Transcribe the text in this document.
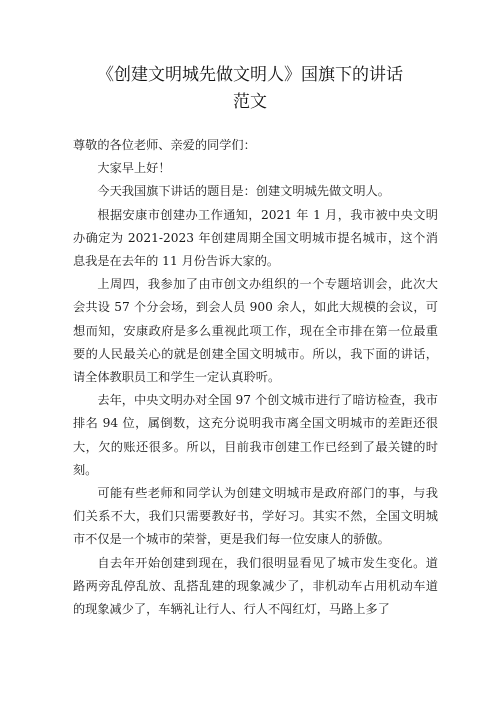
《创建文明城先做文明人》国旗下的讲话
范文

尊敬的各位老师、亲爱的同学们：

大家早上好！

今天我国旗下讲话的题目是：创建文明城先做文明人。

根据安康市创建办工作通知，2021 年 1 月，我市被中央文明办确定为 2021-2023 年创建周期全国文明城市提名城市，这个消息我是在去年的 11 月份告诉大家的。

上周四，我参加了由市创文办组织的一个专题培训会，此次大会共设 57 个分会场，到会人员 900 余人，如此大规模的会议，可想而知，安康政府是多么重视此项工作，现在全市排在第一位最重要的人民最关心的就是创建全国文明城市。所以，我下面的讲话，请全体教职员工和学生一定认真聆听。

去年，中央文明办对全国 97 个创文城市进行了暗访检查，我市排名 94 位，属倒数，这充分说明我市离全国文明城市的差距还很大，欠的账还很多。所以，目前我市创建工作已经到了最关键的时刻。

可能有些老师和同学认为创建文明城市是政府部门的事，与我们关系不大，我们只需要教好书，学好习。其实不然，全国文明城市不仅是一个城市的荣誉，更是我们每一位安康人的骄傲。

自去年开始创建到现在，我们很明显看见了城市发生变化。道路两旁乱停乱放、乱搭乱建的现象减少了，非机动车占用机动车道的现象减少了，车辆礼让行人、行人不闯红灯，马路上多了
